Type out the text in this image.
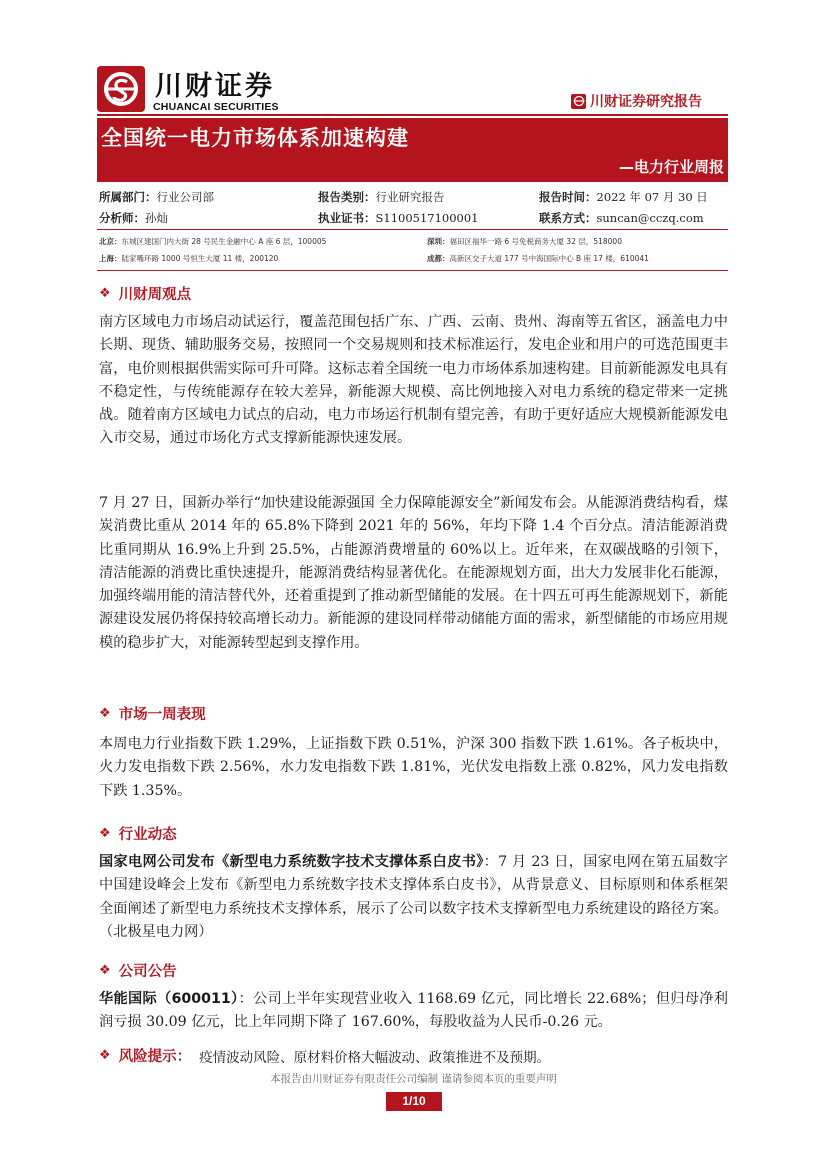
川财证券
CHUANCAI SECURITIES	川财证券研究报告
全国统一电力市场体系加速构建
—电力行业周报
所属部门：行业公司部	报告类别：行业研究报告	报告时间：2022 年 07 月 30 日
分析师：孙灿	执业证书：S1100517100001	联系方式：suncan@cczq.com
北京：东城区建国门内大街 28 号民生金融中心 A 座 6 层，100005	深圳：福田区福华一路 6 号免税商务大厦 32 层，518000
上海：陆家嘴环路 1000 号恒生大厦 11 楼，200120	成都：高新区交子大道 177 号中海国际中心 B 座 17 楼，610041
❖ 川财周观点
南方区域电力市场启动试运行，覆盖范围包括广东、广西、云南、贵州、海南等五省区，涵盖电力中长期、现货、辅助服务交易，按照同一个交易规则和技术标准运行，发电企业和用户的可选范围更丰富，电价则根据供需实际可升可降。这标志着全国统一电力市场体系加速构建。目前新能源发电具有不稳定性，与传统能源存在较大差异，新能源大规模、高比例地接入对电力系统的稳定带来一定挑战。随着南方区域电力试点的启动，电力市场运行机制有望完善，有助于更好适应大规模新能源发电入市交易，通过市场化方式支撑新能源快速发展。
7 月 27 日，国新办举行“加快建设能源强国 全力保障能源安全”新闻发布会。从能源消费结构看，煤炭消费比重从 2014 年的 65.8%下降到 2021 年的 56%，年均下降 1.4 个百分点。清洁能源消费比重同期从 16.9%上升到 25.5%，占能源消费增量的 60%以上。近年来，在双碳战略的引领下，清洁能源的消费比重快速提升，能源消费结构显著优化。在能源规划方面，出大力发展非化石能源，加强终端用能的清洁替代外，还着重提到了推动新型储能的发展。在十四五可再生能源规划下，新能源建设发展仍将保持较高增长动力。新能源的建设同样带动储能方面的需求，新型储能的市场应用规模的稳步扩大，对能源转型起到支撑作用。
❖ 市场一周表现
本周电力行业指数下跌 1.29%，上证指数下跌 0.51%，沪深 300 指数下跌 1.61%。各子板块中，火力发电指数下跌 2.56%，水力发电指数下跌 1.81%，光伏发电指数上涨 0.82%，风力发电指数下跌 1.35%。
❖ 行业动态
国家电网公司发布《新型电力系统数字技术支撑体系白皮书》：7 月 23 日，国家电网在第五届数字中国建设峰会上发布《新型电力系统数字技术支撑体系白皮书》，从背景意义、目标原则和体系框架全面阐述了新型电力系统技术支撑体系，展示了公司以数字技术支撑新型电力系统建设的路径方案。（北极星电力网）
❖ 公司公告
华能国际（600011）：公司上半年实现营业收入 1168.69 亿元，同比增长 22.68%；但归母净利润亏损 30.09 亿元，比上年同期下降了 167.60%，每股收益为人民币-0.26 元。
❖ 风险提示： 疫情波动风险、原材料价格大幅波动、政策推进不及预期。
本报告由川财证券有限责任公司编制 谨请参阅本页的重要声明
1/10
